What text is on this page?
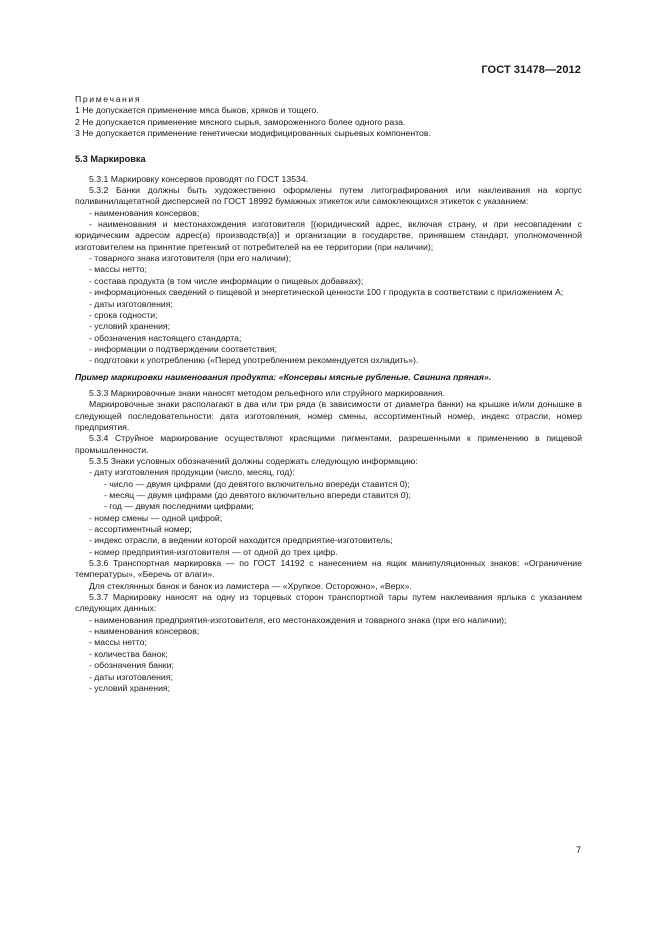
ГОСТ 31478—2012

Примечания

1 Не допускается применение мяса быков, хряков и тощего.

2 Не допускается применение мясного сырья, замороженного более одного раза.

3 Не допускается применение генетически модифицированных сырьевых компонентов.

5.3 Маркировка

5.3.1 Маркировку консервов проводят по ГОСТ 13534.

5.3.2 Банки должны быть художественно оформлены путем литографирования или наклеивания на корпус поливинилацетатной дисперсией по ГОСТ 18992 бумажных этикеток или самоклеющихся этикеток с указанием:

- наименования консервов;

- наименования и местонахождения изготовителя [(юридический адрес, включая страну, и при несовпадении с юридическим адресом адрес(а) производств(а)] и организации в государстве, принявшем стандарт, уполномоченной изготовителем на принятие претензий от потребителей на ее территории (при наличии);

- товарного знака изготовителя (при его наличии);

- массы нетто;

- состава продукта (в том числе информации о пищевых добавках);

- информационных сведений о пищевой и энергетической ценности 100 г продукта в соответствии с приложением А;

- даты изготовления;

- срока годности;

- условий хранения;

- обозначения настоящего стандарта;

- информации о подтверждении соответствия;

- подготовки к употреблению («Перед употреблением рекомендуется охладить»).

Пример маркировки наименования продукта: «Консервы мясные рубленые. Свинина пряная».

5.3.3 Маркировочные знаки наносят методом рельефного или струйного маркирования.

Маркировочные знаки располагают в два или три ряда (в зависимости от диаметра банки) на крышке и/или донышке в следующей последовательности: дата изготовления, номер смены, ассортиментный номер, индекс отрасли, номер предприятия.

5.3.4 Струйное маркирование осуществляют красящими пигментами, разрешенными к применению в пищевой промышленности.

5.3.5 Знаки условных обозначений должны содержать следующую информацию:

- дату изготовления продукции (число, месяц, год):

- число — двумя цифрами (до девятого включительно впереди ставится 0);

- месяц — двумя цифрами (до девятого включительно впереди ставится 0);

- год — двумя последними цифрами;

- номер смены — одной цифрой;

- ассортиментный номер;

- индекс отрасли, в ведении которой находится предприятие-изготовитель;

- номер предприятия-изготовителя — от одной до трех цифр.

5.3.6 Транспортная маркировка — по ГОСТ 14192 с нанесением на ящик манипуляционных знаков: «Ограничение температуры», «Беречь от влаги».

Для стеклянных банок и банок из ламистера — «Хрупкое. Осторожно», «Верх».

5.3.7 Маркировку наносят на одну из торцевых сторон транспортной тары путем наклеивания ярлыка с указанием следующих данных:

- наименования предприятия-изготовителя, его местонахождения и товарного знака (при его наличии);

- наименования консервов;

- массы нетто;

- количества банок;

- обозначения банки;

- даты изготовления;

- условий хранения;

7
